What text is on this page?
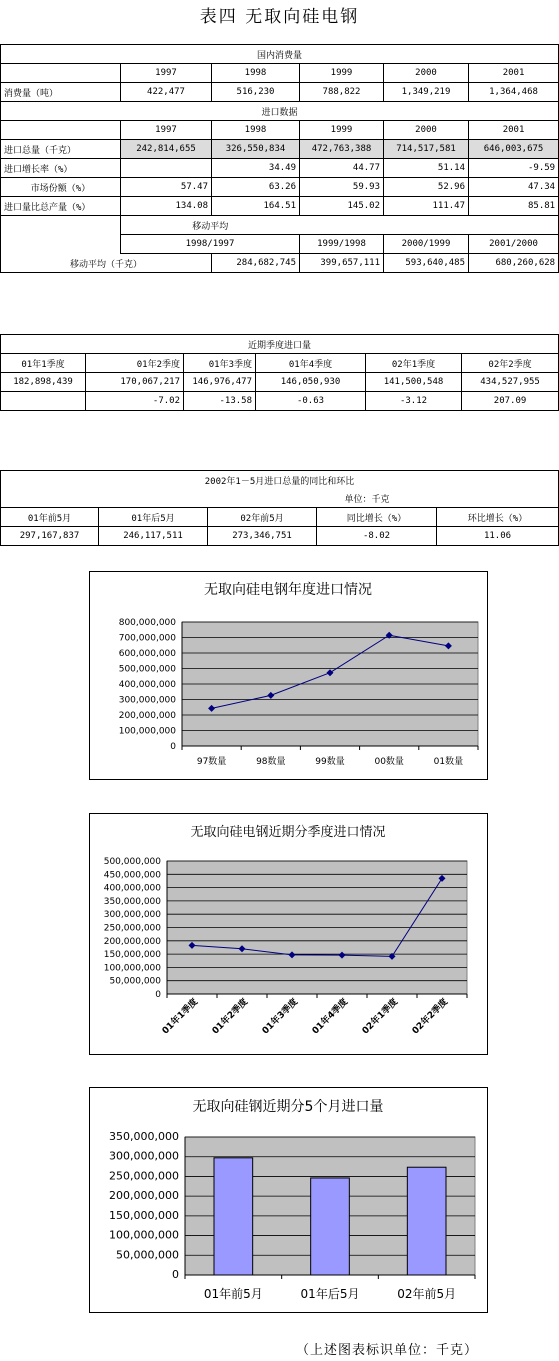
表四 无取向硅电钢
国内消费量					
	1997	1998	1999	2000	2001
消费量（吨）	422,477	516,230	788,822	1,349,219	1,364,468
进口数据					
	1997	1998	1999	2000	2001
进口总量（千克）	242,814,655	326,550,834	472,763,388	714,517,581	646,003,675
进口增长率（%）		34.49	44.77	51.14	-9.59
市场份额（%）	57.47	63.26	59.93	52.96	47.34
进口量比总产量（%）	134.08	164.51	145.02	111.47	85.81
	移动平均				
	1998/1997		1999/1998	2000/1999	2001/2000
移动平均（千克）		284,682,745	399,657,111	593,640,485	680,260,628
近期季度进口量					
01年1季度	01年2季度	01年3季度	01年4季度	02年1季度	02年2季度
182,898,439	170,067,217	146,976,477	146,050,930	141,500,548	434,527,955
	-7.02	-13.58	-0.63	-3.12	207.09
2002年1－5月进口总量的同比和环比				
			单位：千克	
01年前5月	01年后5月	02年前5月	同比增长（%）	环比增长（%）
297,167,837	246,117,511	273,346,751	-8.02	11.06
无取向硅电钢年度进口情况
800,000,000
700,000,000
600,000,000
500,000,000
400,000,000
300,000,000
200,000,000
100,000,000
0
97数量	98数量	99数量	00数量	01数量
无取向硅电钢近期分季度进口情况
500,000,000
450,000,000
400,000,000
350,000,000
300,000,000
250,000,000
200,000,000
150,000,000
100,000,000
50,000,000
0
01年1季度 01年2季度 01年3季度 01年4季度 02年1季度 02年2季度
无取向硅钢近期分5个月进口量
350,000,000
300,000,000
250,000,000
200,000,000
150,000,000
100,000,000
50,000,000
0
01年前5月	01年后5月	02年前5月
（上述图表标识单位：千克）
